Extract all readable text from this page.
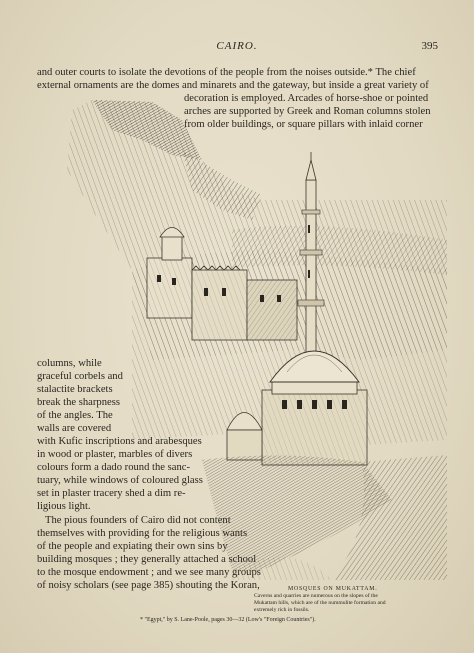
CAIRO.	395
and outer courts to isolate the devotions of the people from the noises outside.* The chief
external ornaments are the domes and minarets and the gateway, but inside a great variety of
decoration is employed. Arcades of horse-shoe or pointed
arches are supported by Greek and Roman columns stolen
from older buildings, or square pillars with inlaid corner
columns, while
graceful corbels and
stalactite brackets
break the sharpness
of the angles. The
walls are covered
with Kufic inscriptions and arabesques
in wood or plaster, marbles of divers
colours form a dado round the sanc-
tuary, while windows of coloured glass
set in plaster tracery shed a dim re-
ligious light.
The pious founders of Cairo did not content
themselves with providing for the religious wants
of the people and expiating their own sins by
building mosques ; they generally attached a school
to the mosque endowment ; and we see many groups
of noisy scholars (see page 385) shouting the Koran,	MOSQUES ON MUKATTAM.
Caverns and quarries are numerous on the slopes of the
Mukattam hills, which are of the nummulite formation and
extremely rich in fossils.
* "Egypt," by S. Lane-Poole, pages 30—32 (Low's "Foreign Countries").
